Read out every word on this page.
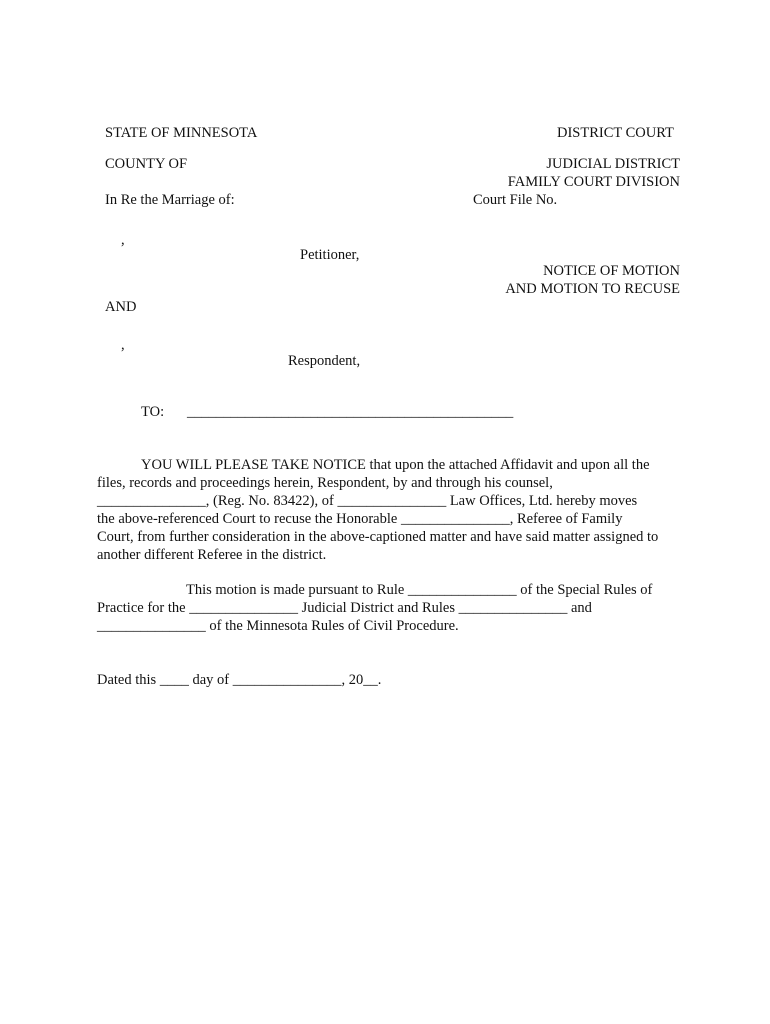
STATE OF MINNESOTA	DISTRICT COURT
COUNTY OF	JUDICIAL DISTRICT
FAMILY COURT DIVISION
In Re the Marriage of:	Court File No.
,
Petitioner,
NOTICE OF MOTION
AND MOTION TO RECUSE
AND
,
Respondent,
TO: _____________________________________________
YOU WILL PLEASE TAKE NOTICE that upon the attached Affidavit and upon all the
files, records and proceedings herein, Respondent, by and through his counsel,
_______________, (Reg. No. 83422), of _______________ Law Offices, Ltd. hereby moves
the above-referenced Court to recuse the Honorable _______________, Referee of Family
Court, from further consideration in the above-captioned matter and have said matter assigned to
another different Referee in the district.
This motion is made pursuant to Rule _______________ of the Special Rules of
Practice for the _______________ Judicial District and Rules _______________ and
_______________ of the Minnesota Rules of Civil Procedure.
Dated this ____ day of _______________, 20__.
